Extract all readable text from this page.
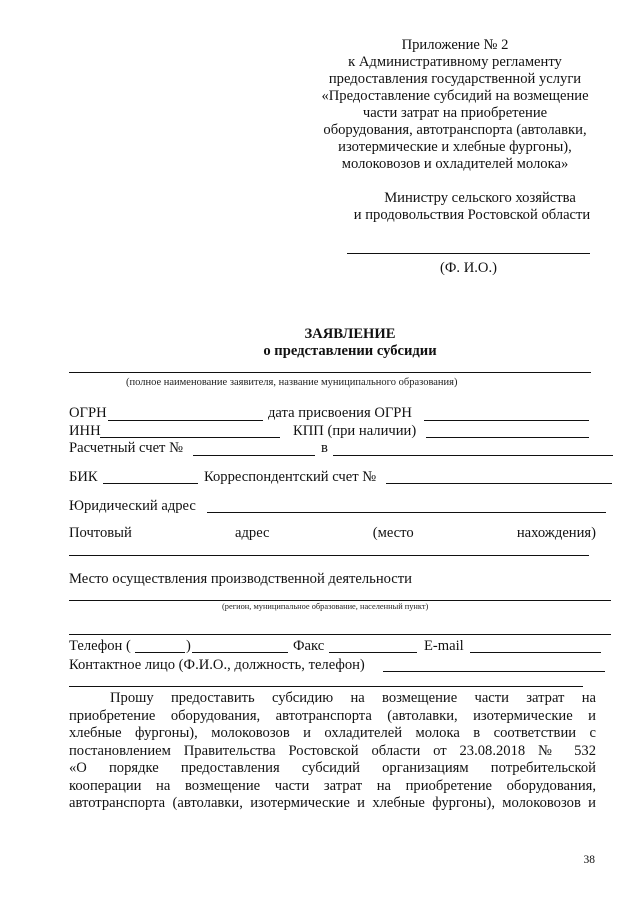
Приложение № 2
к Административному регламенту
предоставления государственной услуги
«Предоставление субсидий на возмещение
части затрат на приобретение
оборудования, автотранспорта (автолавки,
изотермические и хлебные фургоны),
молоковозов и охладителей молока»
Министру сельского хозяйства
и продовольствия Ростовской области
(Ф. И.О.)
ЗАЯВЛЕНИЕ
о представлении субсидии
(полное наименование заявителя, название муниципального образования)
ОГРН	дата присвоения ОГРН
ИНН	КПП (при наличии)
Расчетный счет №	в
БИК	Корреспондентский счет №
Юридический адрес
Почтовый	адрес	(место	нахождения)
Место осуществления производственной деятельности
(регион, муниципальное образование, населенный пункт)
Телефон (	)	Факс	E-mail
Контактное лицо (Ф.И.О., должность, телефон)
Прошу предоставить субсидию на возмещение части затрат на
приобретение оборудования, автотранспорта (автолавки, изотермические и
хлебные фургоны), молоковозов и охладителей молока в соответствии с
постановлением Правительства Ростовской области от 23.08.2018 № 532
«О порядке предоставления субсидий организациям потребительской
кооперации на возмещение части затрат на приобретение оборудования,
автотранспорта (автолавки, изотермические и хлебные фургоны), молоковозов и
38
